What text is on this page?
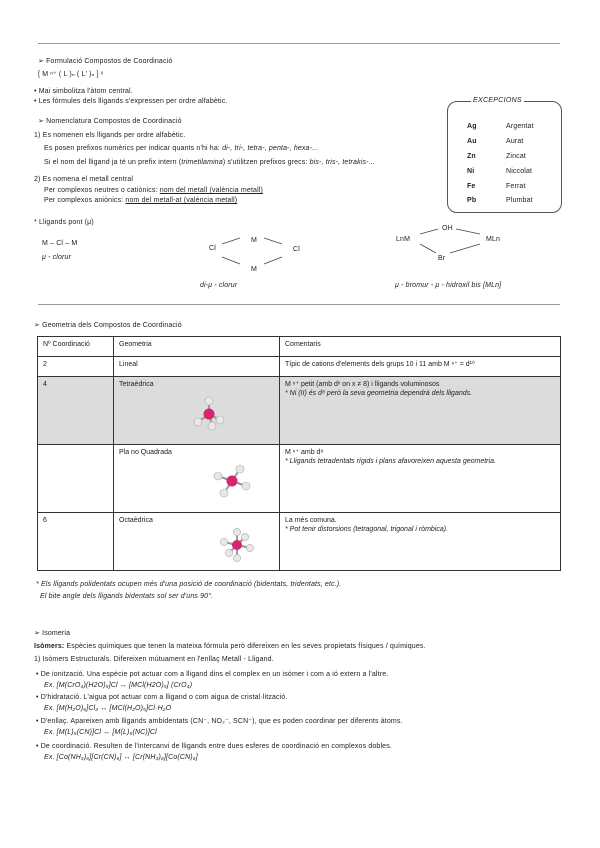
➢ Formulació Compostos de Coordinació
[ M ⁿ⁺ ( L )ₙ ( L' )ₙ ] ˣ
• Mai simbolitza l'àtom central.
• Les fòrmules dels lligands s'expressen per ordre alfabètic.	EXCEPCIONS
Ag	Argentat
Au	Aurat
Zn	Zincat
Ni	Niccolat
Fe	Ferrat
Pb	Plumbat
➢ Nomenclatura Compostos de Coordinació
1) Es nomenen els lligands per ordre alfabètic.
Es posen prefixos numèrics per indicar quants n'hi ha: di-, tri-, tetra-, penta-, hexa-...
Si el nom del lligand ja té un prefix intern (trimetilamina) s'utilitzen prefixos grecs: bis-, tris-, tetrakis-...
2) Es nomena el metall central
Per complexos neutres o catiònics: nom del metall (valència metall)
Per complexos aniònics: nom del metall-at (valència metall)
* Lligands pont (μ)
M – Cl – M
μ - clorur
M
Cl	Cl
M
di-μ - clorur
LnM
OH
MLn
Br
μ - bromur - μ - hidroxil bis [MLn]
➢ Geometria dels Compostos de Coordinació
Nº Coordinació	Geometria	Comentaris
2	Lineal	Típic de cations d'elements dels grups 10 i 11 amb M ⁿ⁺ = d¹⁰
4	Tetraèdrica	M ⁿ⁺ petit (amb dˣ on x ≠ 8) i lligands voluminosos
* Ni (II) és d⁸ però la seva geometria dependrà dels lligands.

	Pla no Quadrada	M ⁿ⁺ amb d⁸
* Lligands tetradentats rígids i plans afavoreixen aquesta geometria.

6	Octaèdrica	La més comuna.
* Pot tenir distorsions (tetragonal, trigonal i ròmbica).
* Els lligands polidentats ocupen més d'una posició de coordinació (bidentats, tridentats, etc.).
El bite angle dels lligands bidentats sol ser d'uns 90°.
➢ Isomeria
Isòmers: Espècies químiques que tenen la mateixa fórmula però difereixen en les seves propietats físiques / químiques.
1) Isòmers Estructurals. Difereixen mútuament en l'enllaç Metall - Lligand.
• De ionització. Una espècie pot actuar com a lligand dins el complex en un isòmer i com a ió extern a l'altre.
Ex. [M(CrO₄)(H2O)₅]Cl ↔ [MCl(H2O)₅] (CrO₄)
• D'hidratació. L'aigua pot actuar com a lligand o com aigua de cristal·lització.
Ex. [M(H₂O)₆]Cl₃ ↔ [MCl(H₂O)₅]Cl·H₂O
• D'enllaç. Apareixen amb lligands ambidentats (CN⁻, NO₂⁻, SCN⁻), que es poden coordinar per diferents àtoms.
Ex. [M(L)₅(CN)]Cl ↔ [M(L)₅(NC)]Cl
• De coordinació. Resulten de l'intercanvi de lligands entre dues esferes de coordinació en complexos dobles.
Ex. [Co(NH₃)₆][Cr(CN)₆] ↔ [Cr(NH₃)₆][Co(CN)₆]
